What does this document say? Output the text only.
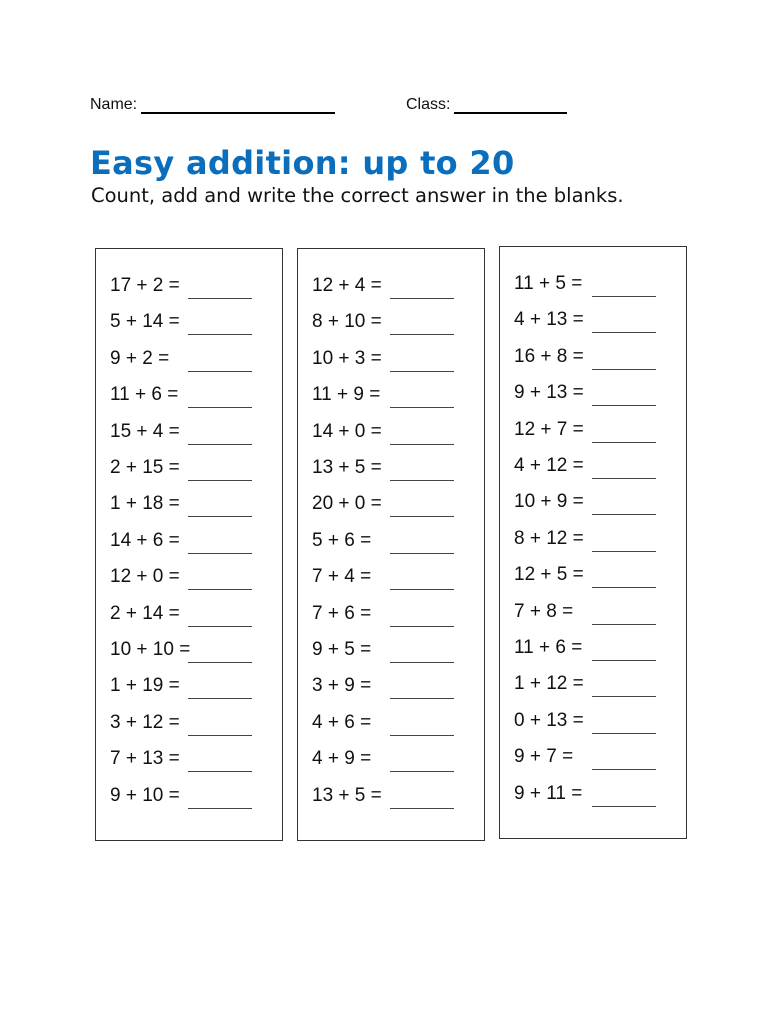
Name:	Class:
Easy addition: up to 20
Count, add and write the correct answer in the blanks.
17 + 2 =
5 + 14 =
9 + 2 =
11 + 6 =
15 + 4 =
2 + 15 =
1 + 18 =
14 + 6 =
12 + 0 =
2 + 14 =
10 + 10 =
1 + 19 =
3 + 12 =
7 + 13 =
9 + 10 =
12 + 4 =
8 + 10 =
10 + 3 =
11 + 9 =
14 + 0 =
13 + 5 =
20 + 0 =
5 + 6 =
7 + 4 =
7 + 6 =
9 + 5 =
3 + 9 =
4 + 6 =
4 + 9 =
13 + 5 =
11 + 5 =
4 + 13 =
16 + 8 =
9 + 13 =
12 + 7 =
4 + 12 =
10 + 9 =
8 + 12 =
12 + 5 =
7 + 8 =
11 + 6 =
1 + 12 =
0 + 13 =
9 + 7 =
9 + 11 =
